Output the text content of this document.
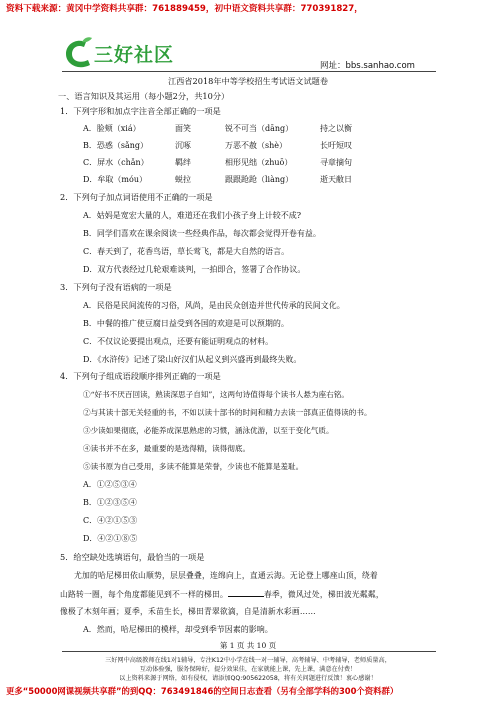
资料下载来源：黄冈中学资料共享群：761889459，初中语文资料共享群：770391827，
三好社区	网址：bbs.sanhao.com
江西省2018年中等学校招生考试语文试题卷
一、语言知识及其运用（每小题2分，共10分）
1．下列字形和加点字注音全部正确的一项是
A．脸颊（xiá）	面笑	锐不可当（dāng）	持之以衡
B．恐惑（sǎng）	沉啄	万恶不赦（shè）	长吁短叹
C．屏水（chǎn）	羁绊	相形见绌（zhuō）	寻章摘句
D．牟取（móu）	蜕拉	跟跟跄跄（liàng）	逝天敝日
2．下列句子加点词语使用不正确的一项是
A．姑妈是宽宏大量的人，难道还在我们小孩子身上计较不成?
B．同学们喜欢在课余阅读一些经典作品，每次都会觉得开卷有益。
C．春天到了，花香鸟语，草长莺飞，都是大自然的语言。
D．双方代表经过几轮艰难谈判，一拍即合，签署了合作协议。
3．下列句子没有语病的一项是
A．民俗是民间流传的习俗，风尚，是由民众创造并世代传承的民间文化。
B．中餐的推广使豆腐日益受到各国的欢迎是可以预期的。
C．不仅议论要提出观点，还要有能证明观点的材料。
D．《水浒传》记述了梁山好汉们从起义到兴盛再到最终失败。
4．下列句子组成语段顺序排列正确的一项是
①“好书不厌百回读，熟读深思子自知”，这两句诗值得每个读书人悬为座右铭。
②与其读十部无关轻重的书，不如以读十部书的时间和精力去读一部真正值得读的书。
③少读如果彻底，必能养成深思熟虑的习惯，涵泳优游，以至于变化气质。
④读书并不在多，最重要的是选得精，读得彻底。
⑤读书原为自己受用，多读不能算是荣誉，少读也不能算是羞耻。
A．①②⑤③④
B．①②③⑤④
C．④②①⑤③
D．④②①⑧⑤
5．给空缺处选填语句，最恰当的一项是
尤加的哈尼梯田依山顺势，层层叠叠，连绵向上，直通云海。无论登上哪座山顶，绕着
山路转一圈，每个角度都能见到不一样的梯田。	春季，微风过处，梯田波光粼粼，
像极了木刻年画；夏季，禾苗生长，梯田青翠欲滴，自是清新水彩画……
A．然而，哈尼梯田的模样，却受到季节因素的影响。
第 1 页 共 10 页
三好网中高级教师在线1对1辅导，专注K12中小学在线一对一辅导，高考辅导、中考辅导，老师质量高，
互动体验强，服务保障好，提分效果佳，在家就能上课，先上课，满意在付费！
以上资料来源于网络，如有侵权，请添加QQ:905622058，将有关问题进行反馈！衷心感谢！
更多“50000网课视频共享群”的到QQ：763491846的空间日志查看（另有全部学科的300个资料群）
